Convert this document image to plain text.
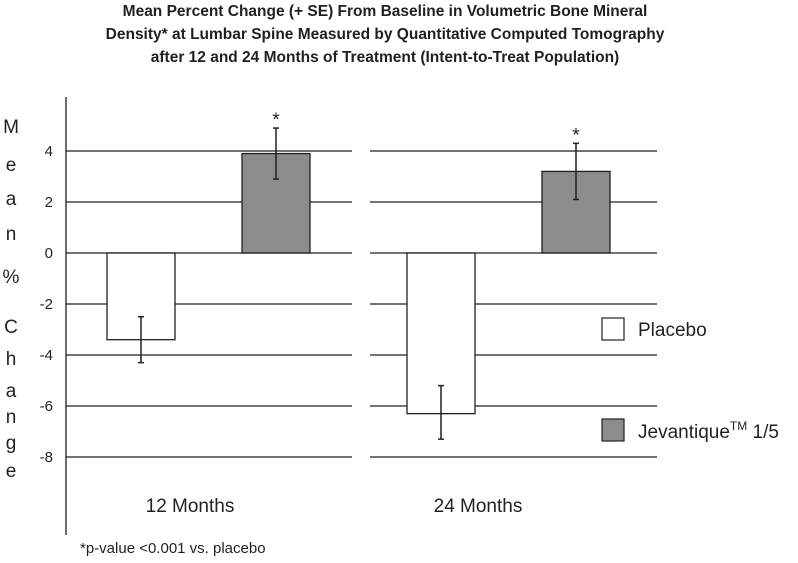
Mean Percent Change (+ SE) From Baseline in Volumetric Bone Mineral
Density* at Lumbar Spine Measured by Quantitative Computed Tomography
after 12 and 24 Months of Treatment (Intent-to-Treat Population)
M
e
a
n
%
C
h
a
n
g
e
4
2
0
-2
-4
-6
-8
*
*
12 Months	24 Months
Placebo
Jevantique™ 1/5
*p-value <0.001 vs. placebo
